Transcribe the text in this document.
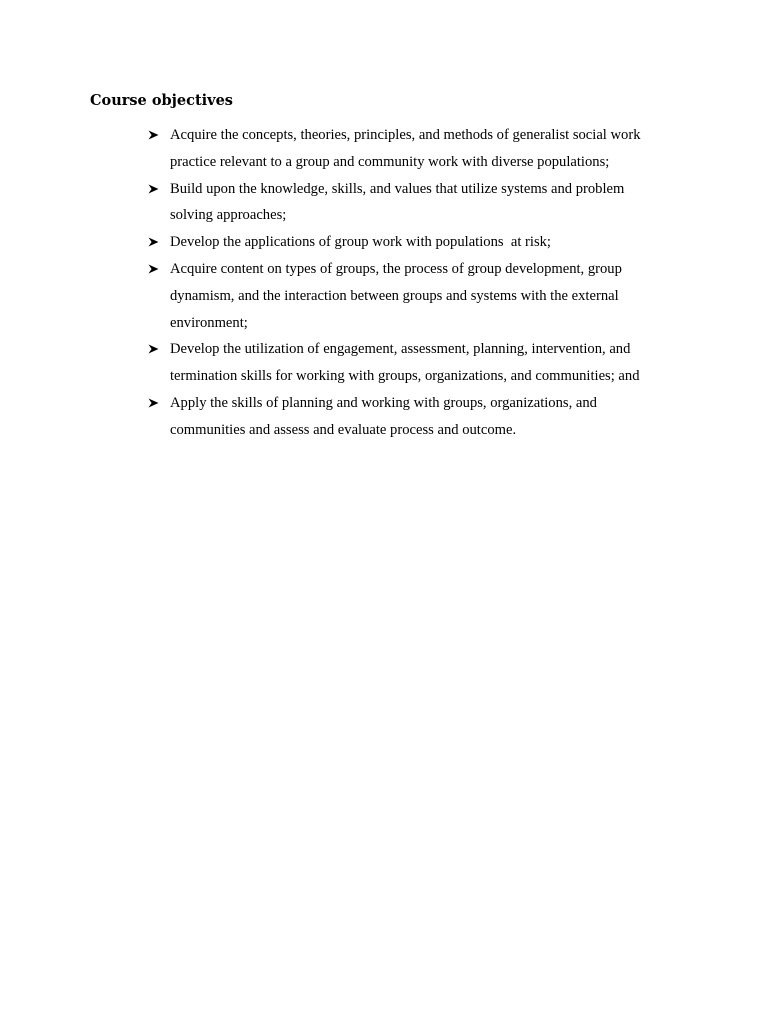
Course objectives
Acquire the concepts, theories, principles, and methods of generalist social work practice relevant to a group and community work with diverse populations;
Build upon the knowledge, skills, and values that utilize systems and problem solving approaches;
Develop the applications of group work with populations  at risk;
Acquire content on types of groups, the process of group development, group dynamism, and the interaction between groups and systems with the external environment;
Develop the utilization of engagement, assessment, planning, intervention, and termination skills for working with groups, organizations, and communities; and
Apply the skills of planning and working with groups, organizations, and communities and assess and evaluate process and outcome.
